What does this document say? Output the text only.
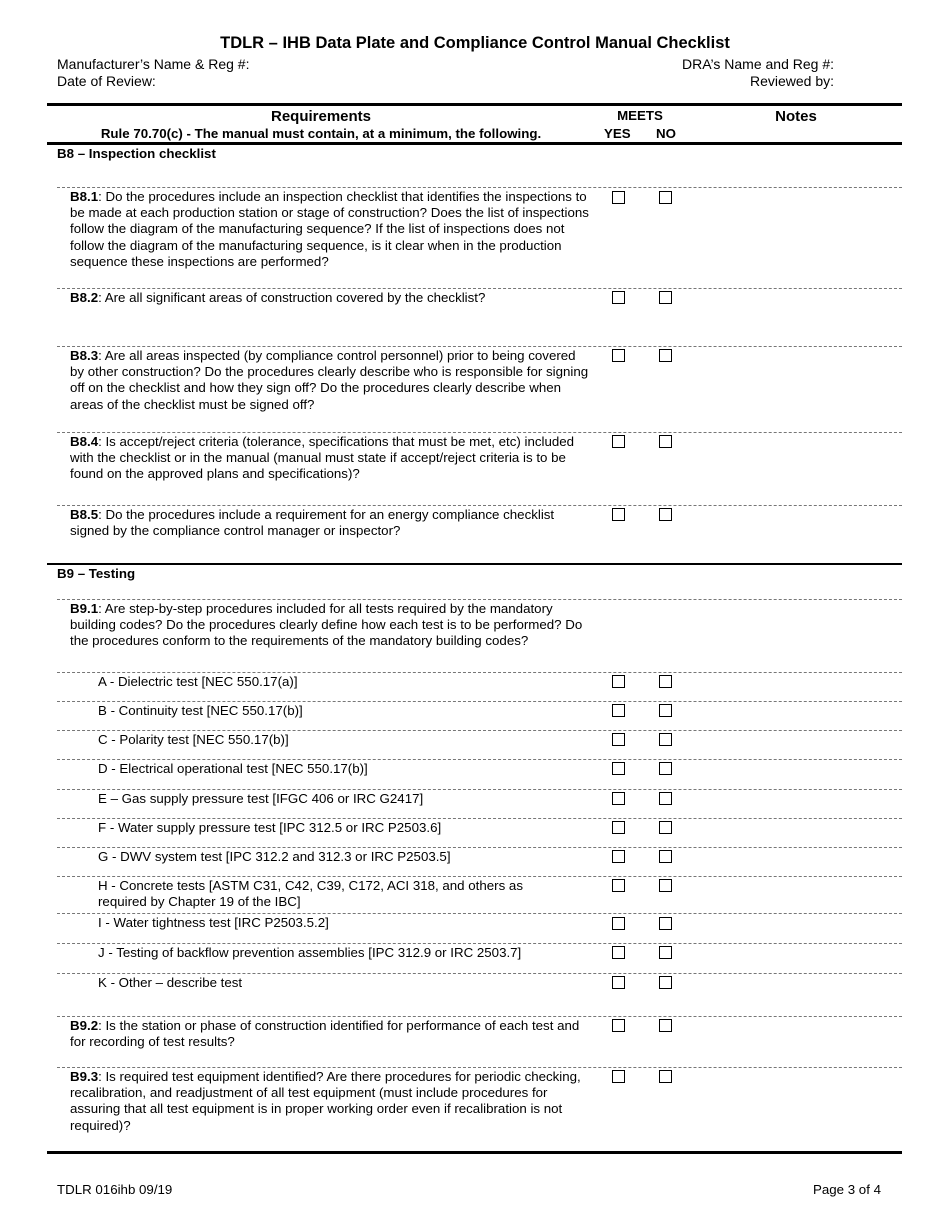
TDLR – IHB Data Plate and Compliance Control Manual Checklist
Manufacturer’s Name & Reg #:
Date of Review:
DRA’s Name and Reg #:
Reviewed by:
Requirements
Rule 70.70(c) - The manual must contain, at a minimum, the following.
MEETS
YES NO
Notes
B8 – Inspection checklist
B8.1: Do the procedures include an inspection checklist that identifies the inspections to be made at each production station or stage of construction? Does the list of inspections follow the diagram of the manufacturing sequence? If the list of inspections does not follow the diagram of the manufacturing sequence, is it clear when in the production sequence these inspections are performed?
B8.2: Are all significant areas of construction covered by the checklist?
B8.3: Are all areas inspected (by compliance control personnel) prior to being covered by other construction? Do the procedures clearly describe who is responsible for signing off on the checklist and how they sign off? Do the procedures clearly describe when areas of the checklist must be signed off?
B8.4: Is accept/reject criteria (tolerance, specifications that must be met, etc) included with the checklist or in the manual (manual must state if accept/reject criteria is to be found on the approved plans and specifications)?
B8.5: Do the procedures include a requirement for an energy compliance checklist signed by the compliance control manager or inspector?
B9 – Testing
B9.1: Are step-by-step procedures included for all tests required by the mandatory building codes? Do the procedures clearly define how each test is to be performed? Do the procedures conform to the requirements of the mandatory building codes?
A - Dielectric test [NEC 550.17(a)]
B - Continuity test [NEC 550.17(b)]
C - Polarity test [NEC 550.17(b)]
D - Electrical operational test [NEC 550.17(b)]
E – Gas supply pressure test [IFGC 406 or IRC G2417]
F - Water supply pressure test [IPC 312.5 or IRC P2503.6]
G - DWV system test [IPC 312.2 and 312.3 or IRC P2503.5]
H - Concrete tests [ASTM C31, C42, C39, C172, ACI 318, and others as required by Chapter 19 of the IBC]
I - Water tightness test [IRC P2503.5.2]
J - Testing of backflow prevention assemblies [IPC 312.9 or IRC 2503.7]
K - Other – describe test
B9.2: Is the station or phase of construction identified for performance of each test and for recording of test results?
B9.3: Is required test equipment identified? Are there procedures for periodic checking, recalibration, and readjustment of all test equipment (must include procedures for assuring that all test equipment is in proper working order even if recalibration is not required)?
TDLR 016ihb 09/19	Page 3 of 4
